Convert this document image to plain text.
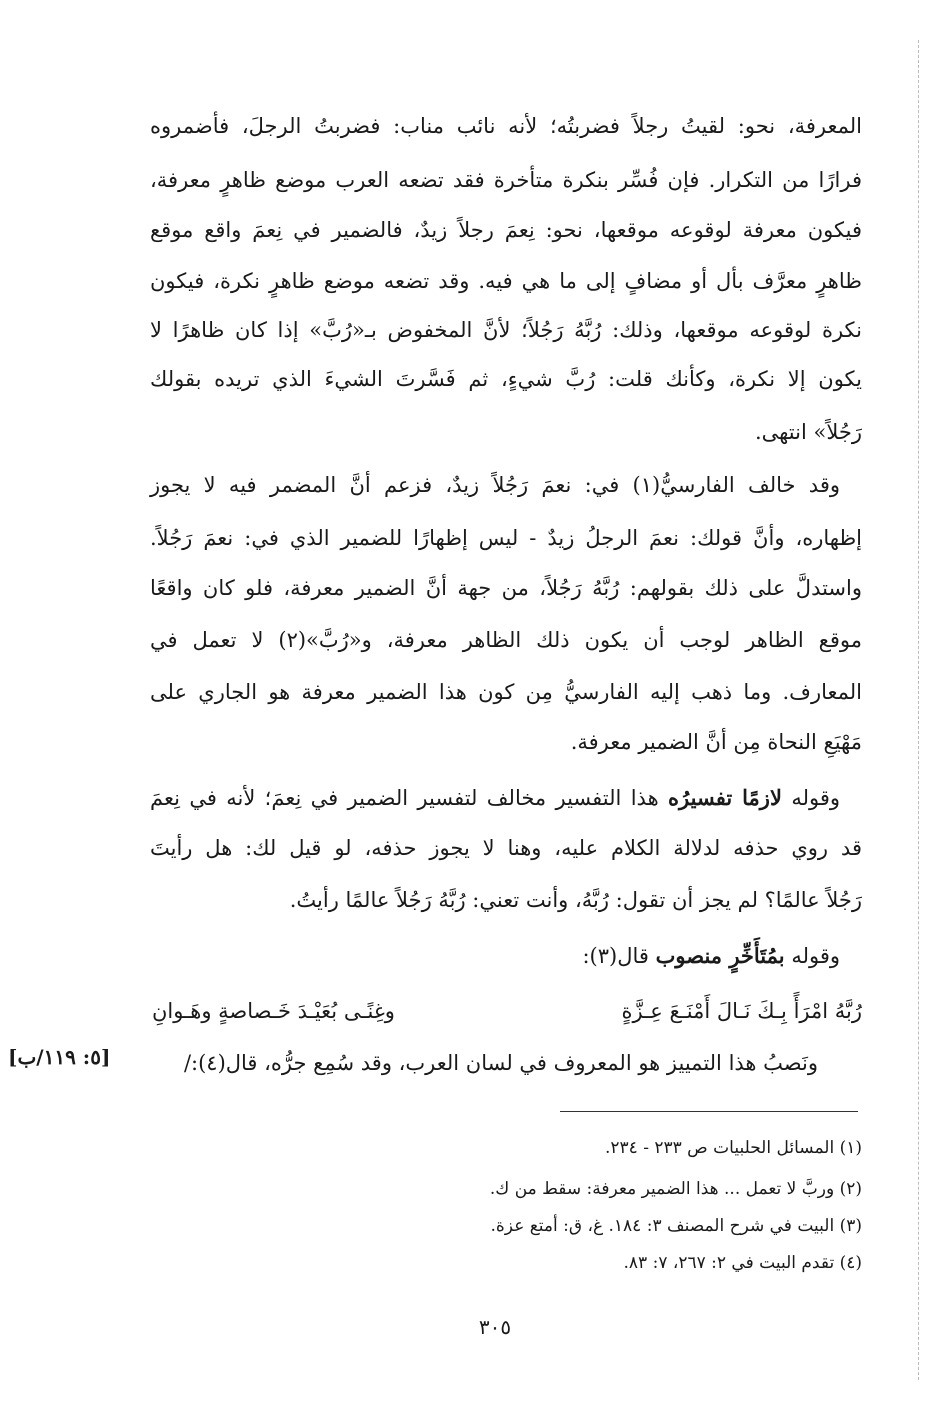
المعرفة، نحو: لقيتُ رجلاً فضربتُه؛ لأنه نائب مناب: فضربتُ الرجلَ، فأضمروه
فرارًا من التكرار. فإن فُسِّر بنكرة متأخرة فقد تضعه العرب موضع ظاهرٍ معرفة،
فيكون معرفة لوقوعه موقعها، نحو: نِعمَ رجلاً زيدٌ، فالضمير في نِعمَ واقع موقع
ظاهرٍ معرَّف بأل أو مضافٍ إلى ما هي فيه. وقد تضعه موضع ظاهرٍ نكرة، فيكون
نكرة لوقوعه موقعها، وذلك: رُبَّهُ رَجُلاً؛ لأنَّ المخفوض بـ«رُبَّ» إذا كان ظاهرًا لا
يكون إلا نكرة، وكأنك قلت: رُبَّ شيءٍ، ثم فَسَّرتَ الشيءَ الذي تريده بقولك
رَجُلاً» انتهى.
وقد خالف الفارسيُّ(١) في: نعمَ رَجُلاً زيدٌ، فزعم أنَّ المضمر فيه لا يجوز
إظهاره، وأنَّ قولك: نعمَ الرجلُ زيدٌ - ليس إظهارًا للضمير الذي في: نعمَ رَجُلاً.
واستدلَّ على ذلك بقولهم: رُبَّهُ رَجُلاً، من جهة أنَّ الضمير معرفة، فلو كان واقعًا
موقع الظاهر لوجب أن يكون ذلك الظاهر معرفة، و«رُبَّ»(٢) لا تعمل في
المعارف. وما ذهب إليه الفارسيُّ مِن كون هذا الضمير معرفة هو الجاري على
مَهْيَعِ النحاة مِن أنَّ الضمير معرفة.
وقوله لازمًا تفسيرُه هذا التفسير مخالف لتفسير الضمير في نِعمَ؛ لأنه في نِعمَ
قد روي حذفه لدلالة الكلام عليه، وهنا لا يجوز حذفه، لو قيل لك: هل رأيتَ
رَجُلاً عالمًا؟ لم يجز أن تقول: رُبَّهُ، وأنت تعني: رُبَّهُ رَجُلاً عالمًا رأيتُ.
وقوله بمُتَأَخِّرٍ منصوب قال(٣):
رُبَّهُ امْرَأً بِـكَ نَـالَ أَمْنَـعَ عِـزَّةٍ
وغِنًـى بُعَيْـدَ خَـصاصةٍ وهَـوانِ
ونَصبُ هذا التمييز هو المعروف في لسان العرب، وقد سُمِع جرُّه، قال(٤):/
[٥: ١١٩/ب]
(١) المسائل الحلبيات ص ٢٣٣ - ٢٣٤.
(٢) وربَّ لا تعمل ... هذا الضمير معرفة: سقط من ك.
(٣) البيت في شرح المصنف ٣: ١٨٤. غ، ق: أمتع عزة.
(٤) تقدم البيت في ٢: ٢٦٧، ٧: ٨٣.
٣٠٥
